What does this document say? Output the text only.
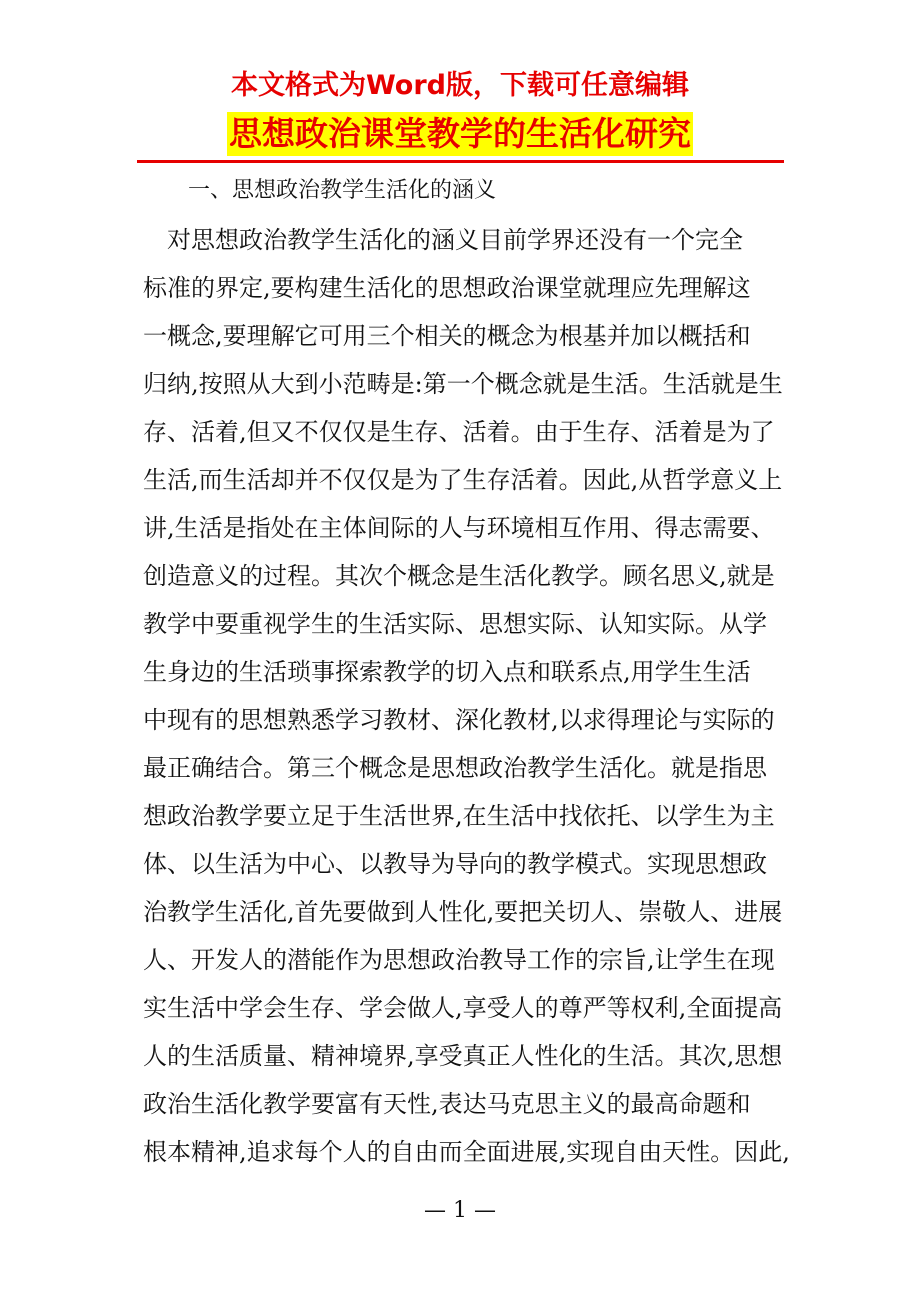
本文格式为Word版，下载可任意编辑
思想政治课堂教学的生活化研究
一、思想政治教学生活化的涵义
对思想政治教学生活化的涵义目前学界还没有一个完全
标准的界定,要构建生活化的思想政治课堂就理应先理解这
一概念,要理解它可用三个相关的概念为根基并加以概括和
归纳,按照从大到小范畴是:第一个概念就是生活。生活就是生
存、活着,但又不仅仅是生存、活着。由于生存、活着是为了
生活,而生活却并不仅仅是为了生存活着。因此,从哲学意义上
讲,生活是指处在主体间际的人与环境相互作用、得志需要、
创造意义的过程。其次个概念是生活化教学。顾名思义,就是
教学中要重视学生的生活实际、思想实际、认知实际。从学
生身边的生活琐事探索教学的切入点和联系点,用学生生活
中现有的思想熟悉学习教材、深化教材,以求得理论与实际的
最正确结合。第三个概念是思想政治教学生活化。就是指思
想政治教学要立足于生活世界,在生活中找依托、以学生为主
体、以生活为中心、以教导为导向的教学模式。实现思想政
治教学生活化,首先要做到人性化,要把关切人、崇敬人、进展
人、开发人的潜能作为思想政治教导工作的宗旨,让学生在现
实生活中学会生存、学会做人,享受人的尊严等权利,全面提高
人的生活质量、精神境界,享受真正人性化的生活。其次,思想
政治生活化教学要富有天性,表达马克思主义的最高命题和
根本精神,追求每个人的自由而全面进展,实现自由天性。因此,
— 1 —
